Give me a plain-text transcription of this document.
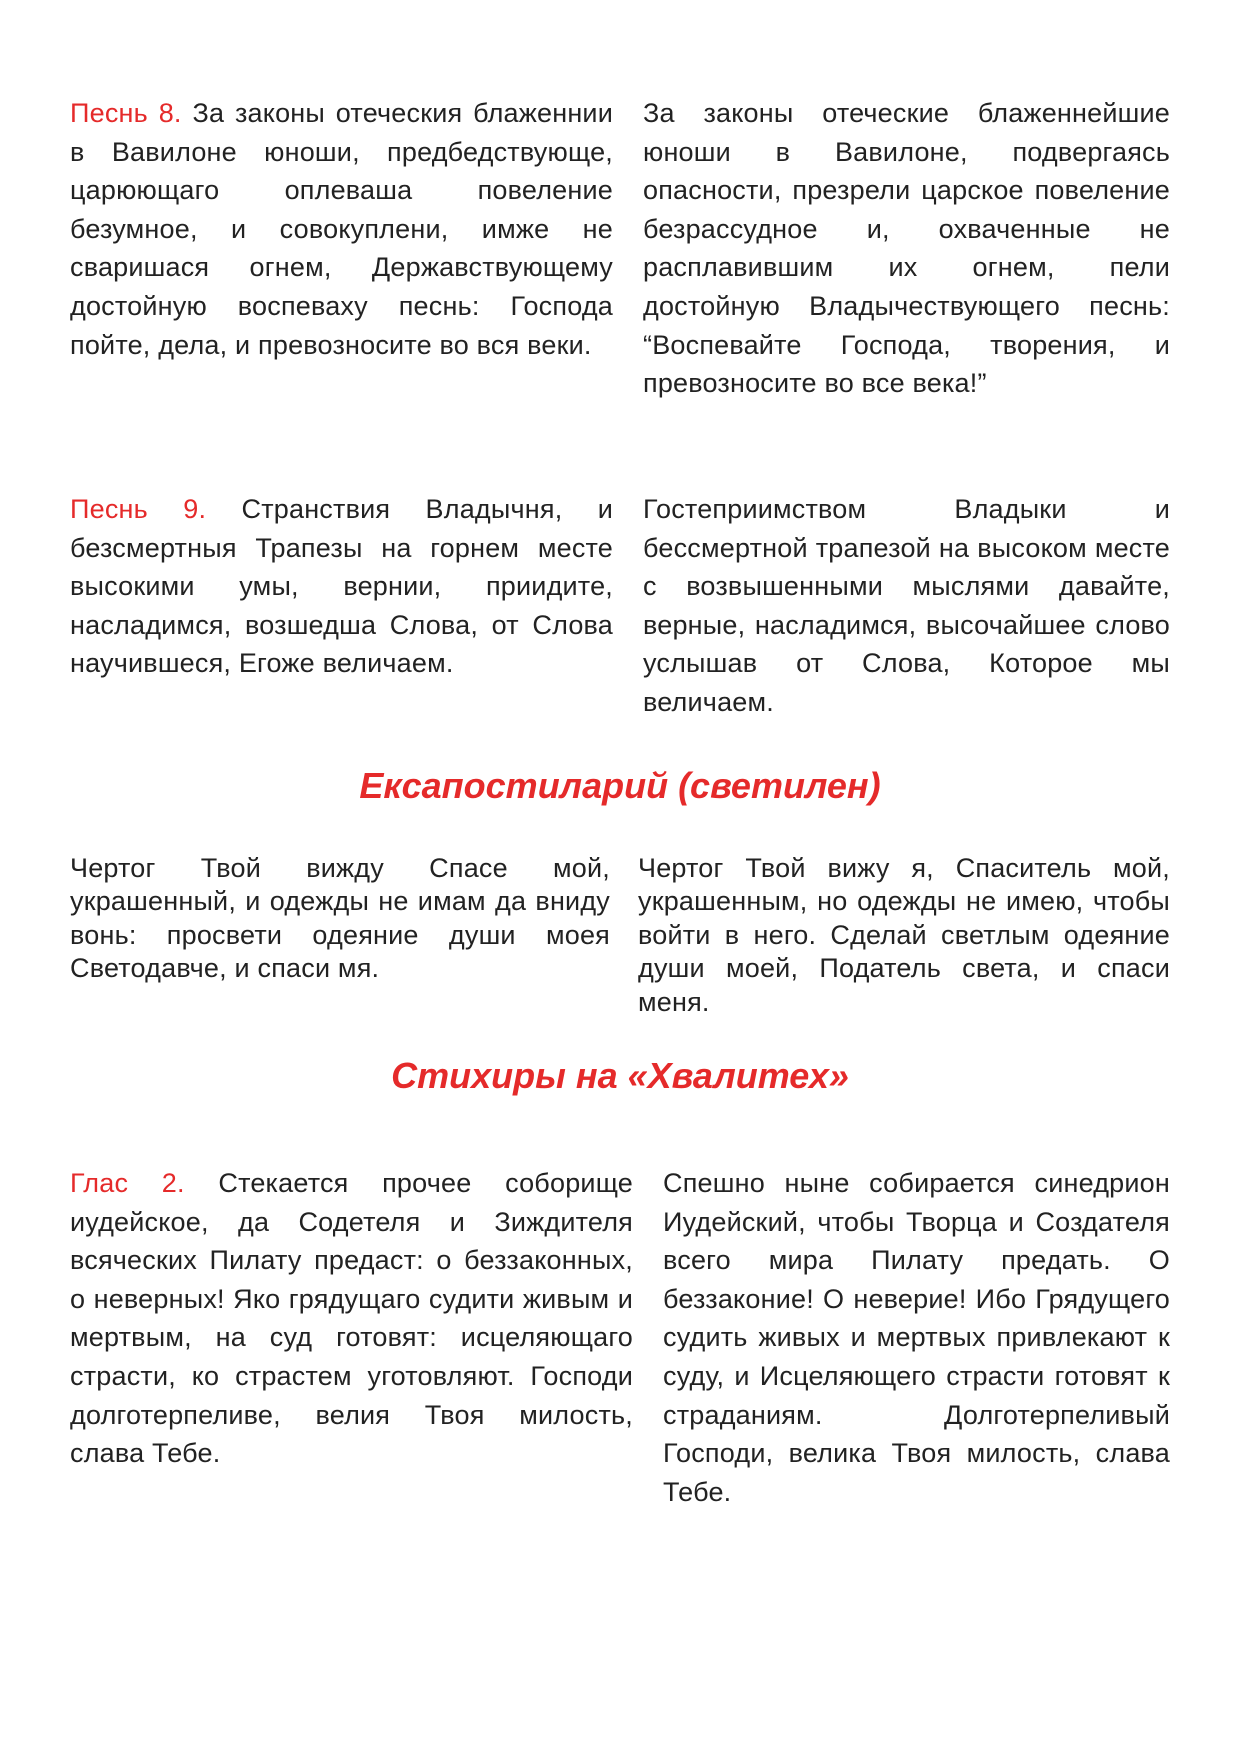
Песнь 8. За законы отеческия блаженнии в Вавилоне юноши, предбедствующе, царюющаго оплеваша повеление безумное, и совокуплени, имже не сваришася огнем, Державствующему достойную воспеваху песнь: Господа пойте, дела, и превозносите во вся веки.
За законы отеческие блаженнейшие юноши в Вавилоне, подвергаясь опасности, презрели царское повеление безрассудное и, охваченные не расплавившим их огнем, пели достойную Владычествующего песнь: “Воспевайте Господа, творения, и превозносите во все века!”
Песнь 9. Странствия Владычня, и безсмертныя Трапезы на горнем месте высокими умы, вернии, приидите, насладимся, возшедша Слова, от Слова научившеся, Егоже величаем.
Гостеприимством Владыки и бессмертной трапезой на высоком месте с возвышенными мыслями давайте, верные, насладимся, высочайшее слово услышав от Слова, Которое мы величаем.
Ексапостиларий (светилен)
Чертог Твой вижду Спасе мой, украшенный, и одежды не имам да вниду вонь: просвети одеяние души моея Светодавче, и спаси мя.
Чертог Твой вижу я, Спаситель мой, украшенным, но одежды не имею, чтобы войти в него. Сделай светлым одеяние души моей, Податель света, и спаси меня.
Стихиры на «Хвалитех»
Глас 2. Стекается прочее соборище иудейское, да Содетеля и Зиждителя всяческих Пилату предаст: о беззаконных, о неверных! Яко грядущаго судити живым и мертвым, на суд готовят: исцеляющаго страсти, ко страстем уготовляют. Господи долготерпеливе, велия Твоя милость, слава Тебе.
Спешно ныне собирается синедрион Иудейский, чтобы Творца и Создателя всего мира Пилату предать. О беззаконие! О неверие! Ибо Грядущего судить живых и мертвых привлекают к суду, и Исцеляющего страсти готовят к страданиям. Долготерпеливый Господи, велика Твоя милость, слава Тебе.
